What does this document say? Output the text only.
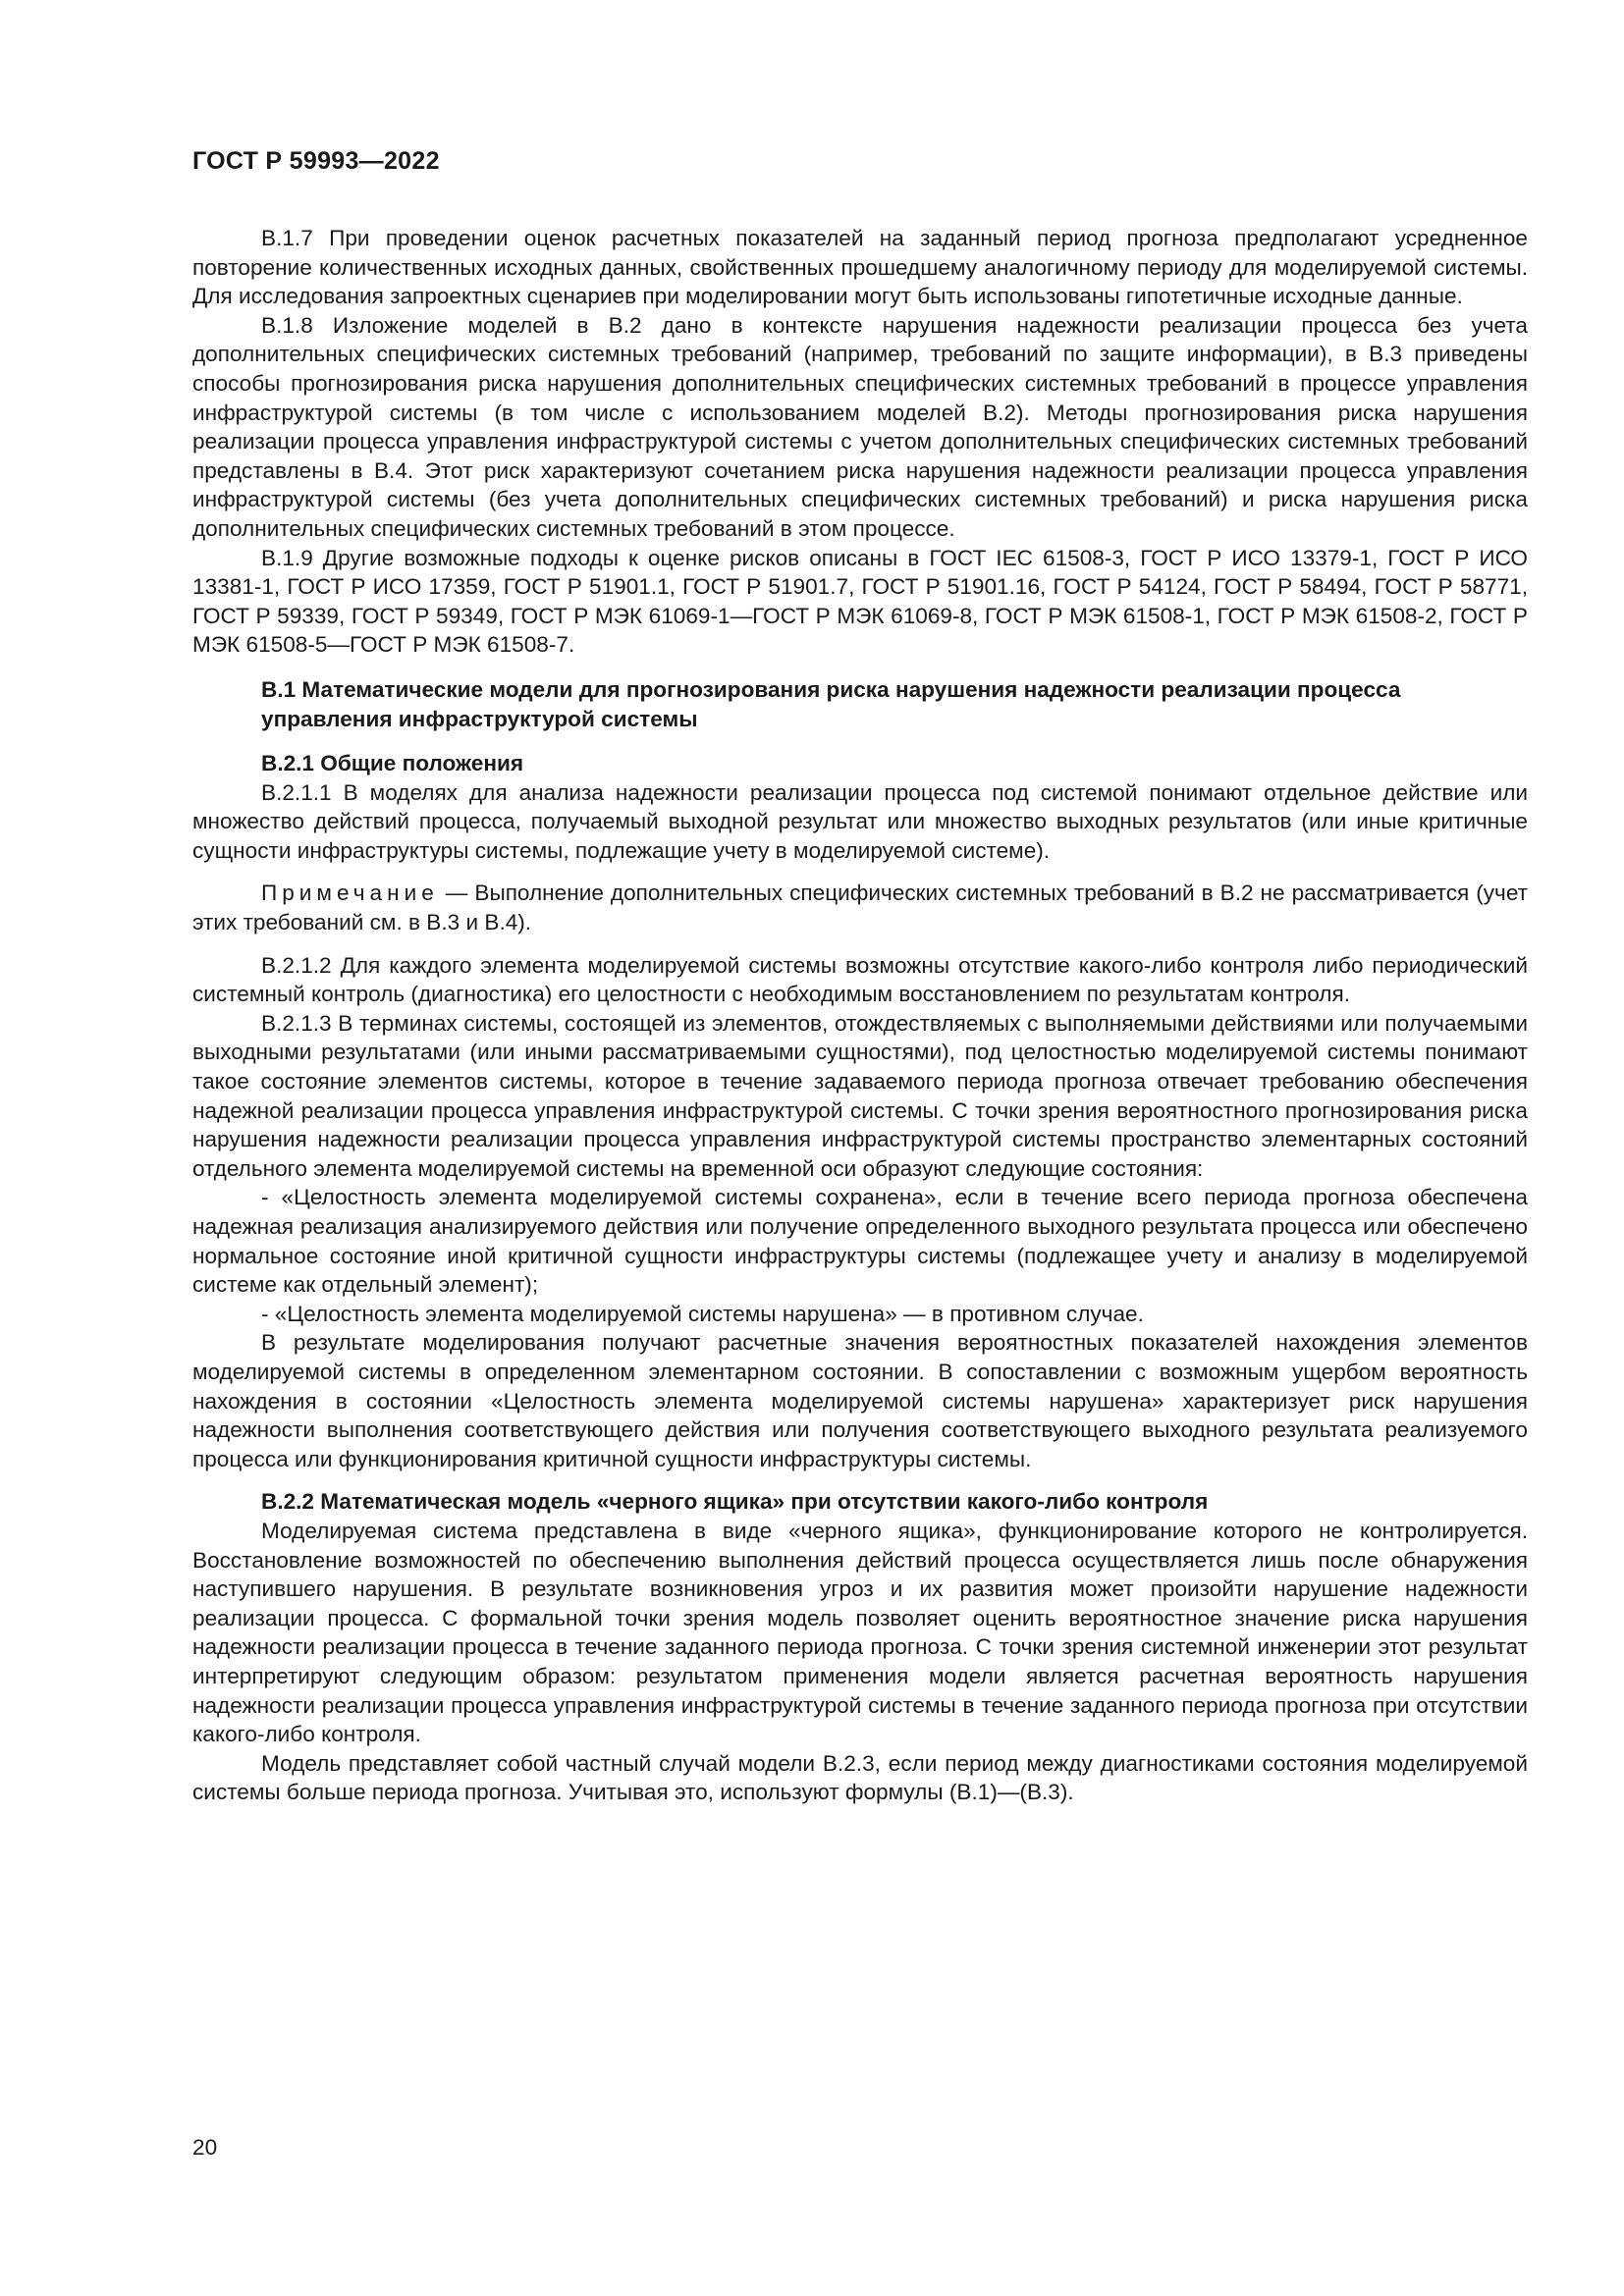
ГОСТ Р 59993—2022

В.1.7 При проведении оценок расчетных показателей на заданный период прогноза предполагают усредненное повторение количественных исходных данных, свойственных прошедшему аналогичному периоду для моделируемой системы. Для исследования запроектных сценариев при моделировании могут быть использованы гипотетичные исходные данные.

В.1.8 Изложение моделей в В.2 дано в контексте нарушения надежности реализации процесса без учета дополнительных специфических системных требований (например, требований по защите информации), в В.3 приведены способы прогнозирования риска нарушения дополнительных специфических системных требований в процессе управления инфраструктурой системы (в том числе с использованием моделей В.2). Методы прогнозирования риска нарушения реализации процесса управления инфраструктурой системы с учетом дополнительных специфических системных требований представлены в В.4. Этот риск характеризуют сочетанием риска нарушения надежности реализации процесса управления инфраструктурой системы (без учета дополнительных специфических системных требований) и риска нарушения риска дополнительных специфических системных требований в этом процессе.

В.1.9 Другие возможные подходы к оценке рисков описаны в ГОСТ IEC 61508-3, ГОСТ Р ИСО 13379-1, ГОСТ Р ИСО 13381-1, ГОСТ Р ИСО 17359, ГОСТ Р 51901.1, ГОСТ Р 51901.7, ГОСТ Р 51901.16, ГОСТ Р 54124, ГОСТ Р 58494, ГОСТ Р 58771, ГОСТ Р 59339, ГОСТ Р 59349, ГОСТ Р МЭК 61069-1—ГОСТ Р МЭК 61069-8, ГОСТ Р МЭК 61508-1, ГОСТ Р МЭК 61508-2, ГОСТ Р МЭК 61508-5—ГОСТ Р МЭК 61508-7.

В.1 Математические модели для прогнозирования риска нарушения надежности реализации процесса управления инфраструктурой системы
В.2.1 Общие положения

В.2.1.1 В моделях для анализа надежности реализации процесса под системой понимают отдельное действие или множество действий процесса, получаемый выходной результат или множество выходных результатов (или иные критичные сущности инфраструктуры системы, подлежащие учету в моделируемой системе).

Примечание — Выполнение дополнительных специфических системных требований в В.2 не рассматривается (учет этих требований см. в В.3 и В.4).

В.2.1.2 Для каждого элемента моделируемой системы возможны отсутствие какого-либо контроля либо периодический системный контроль (диагностика) его целостности с необходимым восстановлением по результатам контроля.

В.2.1.3 В терминах системы, состоящей из элементов, отождествляемых с выполняемыми действиями или получаемыми выходными результатами (или иными рассматриваемыми сущностями), под целостностью моделируемой системы понимают такое состояние элементов системы, которое в течение задаваемого периода прогноза отвечает требованию обеспечения надежной реализации процесса управления инфраструктурой системы. С точки зрения вероятностного прогнозирования риска нарушения надежности реализации процесса управления инфраструктурой системы пространство элементарных состояний отдельного элемента моделируемой системы на временной оси образуют следующие состояния:

- «Целостность элемента моделируемой системы сохранена», если в течение всего периода прогноза обеспечена надежная реализация анализируемого действия или получение определенного выходного результата процесса или обеспечено нормальное состояние иной критичной сущности инфраструктуры системы (подлежащее учету и анализу в моделируемой системе как отдельный элемент);

- «Целостность элемента моделируемой системы нарушена» — в противном случае.

В результате моделирования получают расчетные значения вероятностных показателей нахождения элементов моделируемой системы в определенном элементарном состоянии. В сопоставлении с возможным ущербом вероятность нахождения в состоянии «Целостность элемента моделируемой системы нарушена» характеризует риск нарушения надежности выполнения соответствующего действия или получения соответствующего выходного результата реализуемого процесса или функционирования критичной сущности инфраструктуры системы.

В.2.2 Математическая модель «черного ящика» при отсутствии какого-либо контроля

Моделируемая система представлена в виде «черного ящика», функционирование которого не контролируется. Восстановление возможностей по обеспечению выполнения действий процесса осуществляется лишь после обнаружения наступившего нарушения. В результате возникновения угроз и их развития может произойти нарушение надежности реализации процесса. С формальной точки зрения модель позволяет оценить вероятностное значение риска нарушения надежности реализации процесса в течение заданного периода прогноза. С точки зрения системной инженерии этот результат интерпретируют следующим образом: результатом применения модели является расчетная вероятность нарушения надежности реализации процесса управления инфраструктурой системы в течение заданного периода прогноза при отсутствии какого-либо контроля.

Модель представляет собой частный случай модели В.2.3, если период между диагностиками состояния моделируемой системы больше периода прогноза. Учитывая это, используют формулы (В.1)—(В.3).

20
